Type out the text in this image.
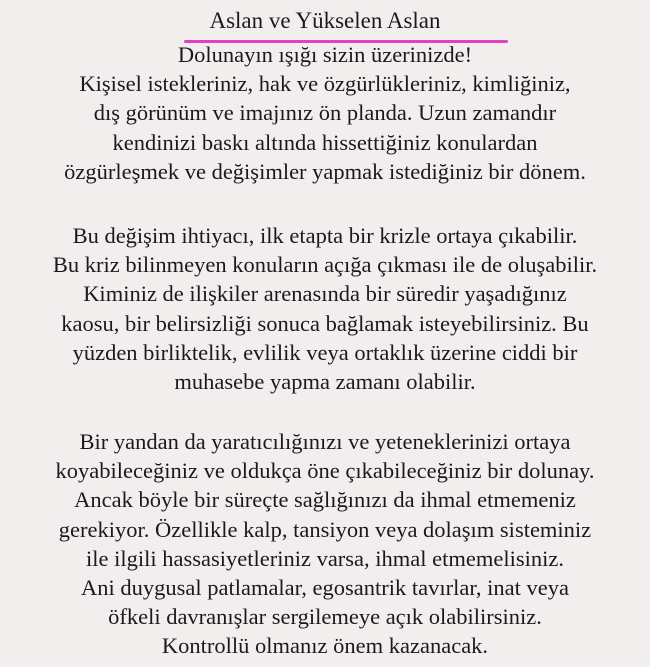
Aslan ve Yükselen Aslan
Dolunayın ışığı sizin üzerinizde!
Kişisel istekleriniz, hak ve özgürlükleriniz, kimliğiniz,
dış görünüm ve imajınız ön planda. Uzun zamandır
kendinizi baskı altında hissettiğiniz konulardan
özgürleşmek ve değişimler yapmak istediğiniz bir dönem.
Bu değişim ihtiyacı, ilk etapta bir krizle ortaya çıkabilir.
Bu kriz bilinmeyen konuların açığa çıkması ile de oluşabilir.
Kiminiz de ilişkiler arenasında bir süredir yaşadığınız
kaosu, bir belirsizliği sonuca bağlamak isteyebilirsiniz. Bu
yüzden birliktelik, evlilik veya ortaklık üzerine ciddi bir
muhasebe yapma zamanı olabilir.
Bir yandan da yaratıcılığınızı ve yeteneklerinizi ortaya
koyabileceğiniz ve oldukça öne çıkabileceğiniz bir dolunay.
Ancak böyle bir süreçte sağlığınızı da ihmal etmemeniz
gerekiyor. Özellikle kalp, tansiyon veya dolaşım sisteminiz
ile ilgili hassasiyetleriniz varsa, ihmal etmemelisiniz.
Ani duygusal patlamalar, egosantrik tavırlar, inat veya
öfkeli davranışlar sergilemeye açık olabilirsiniz.
Kontrollü olmanız önem kazanacak.
